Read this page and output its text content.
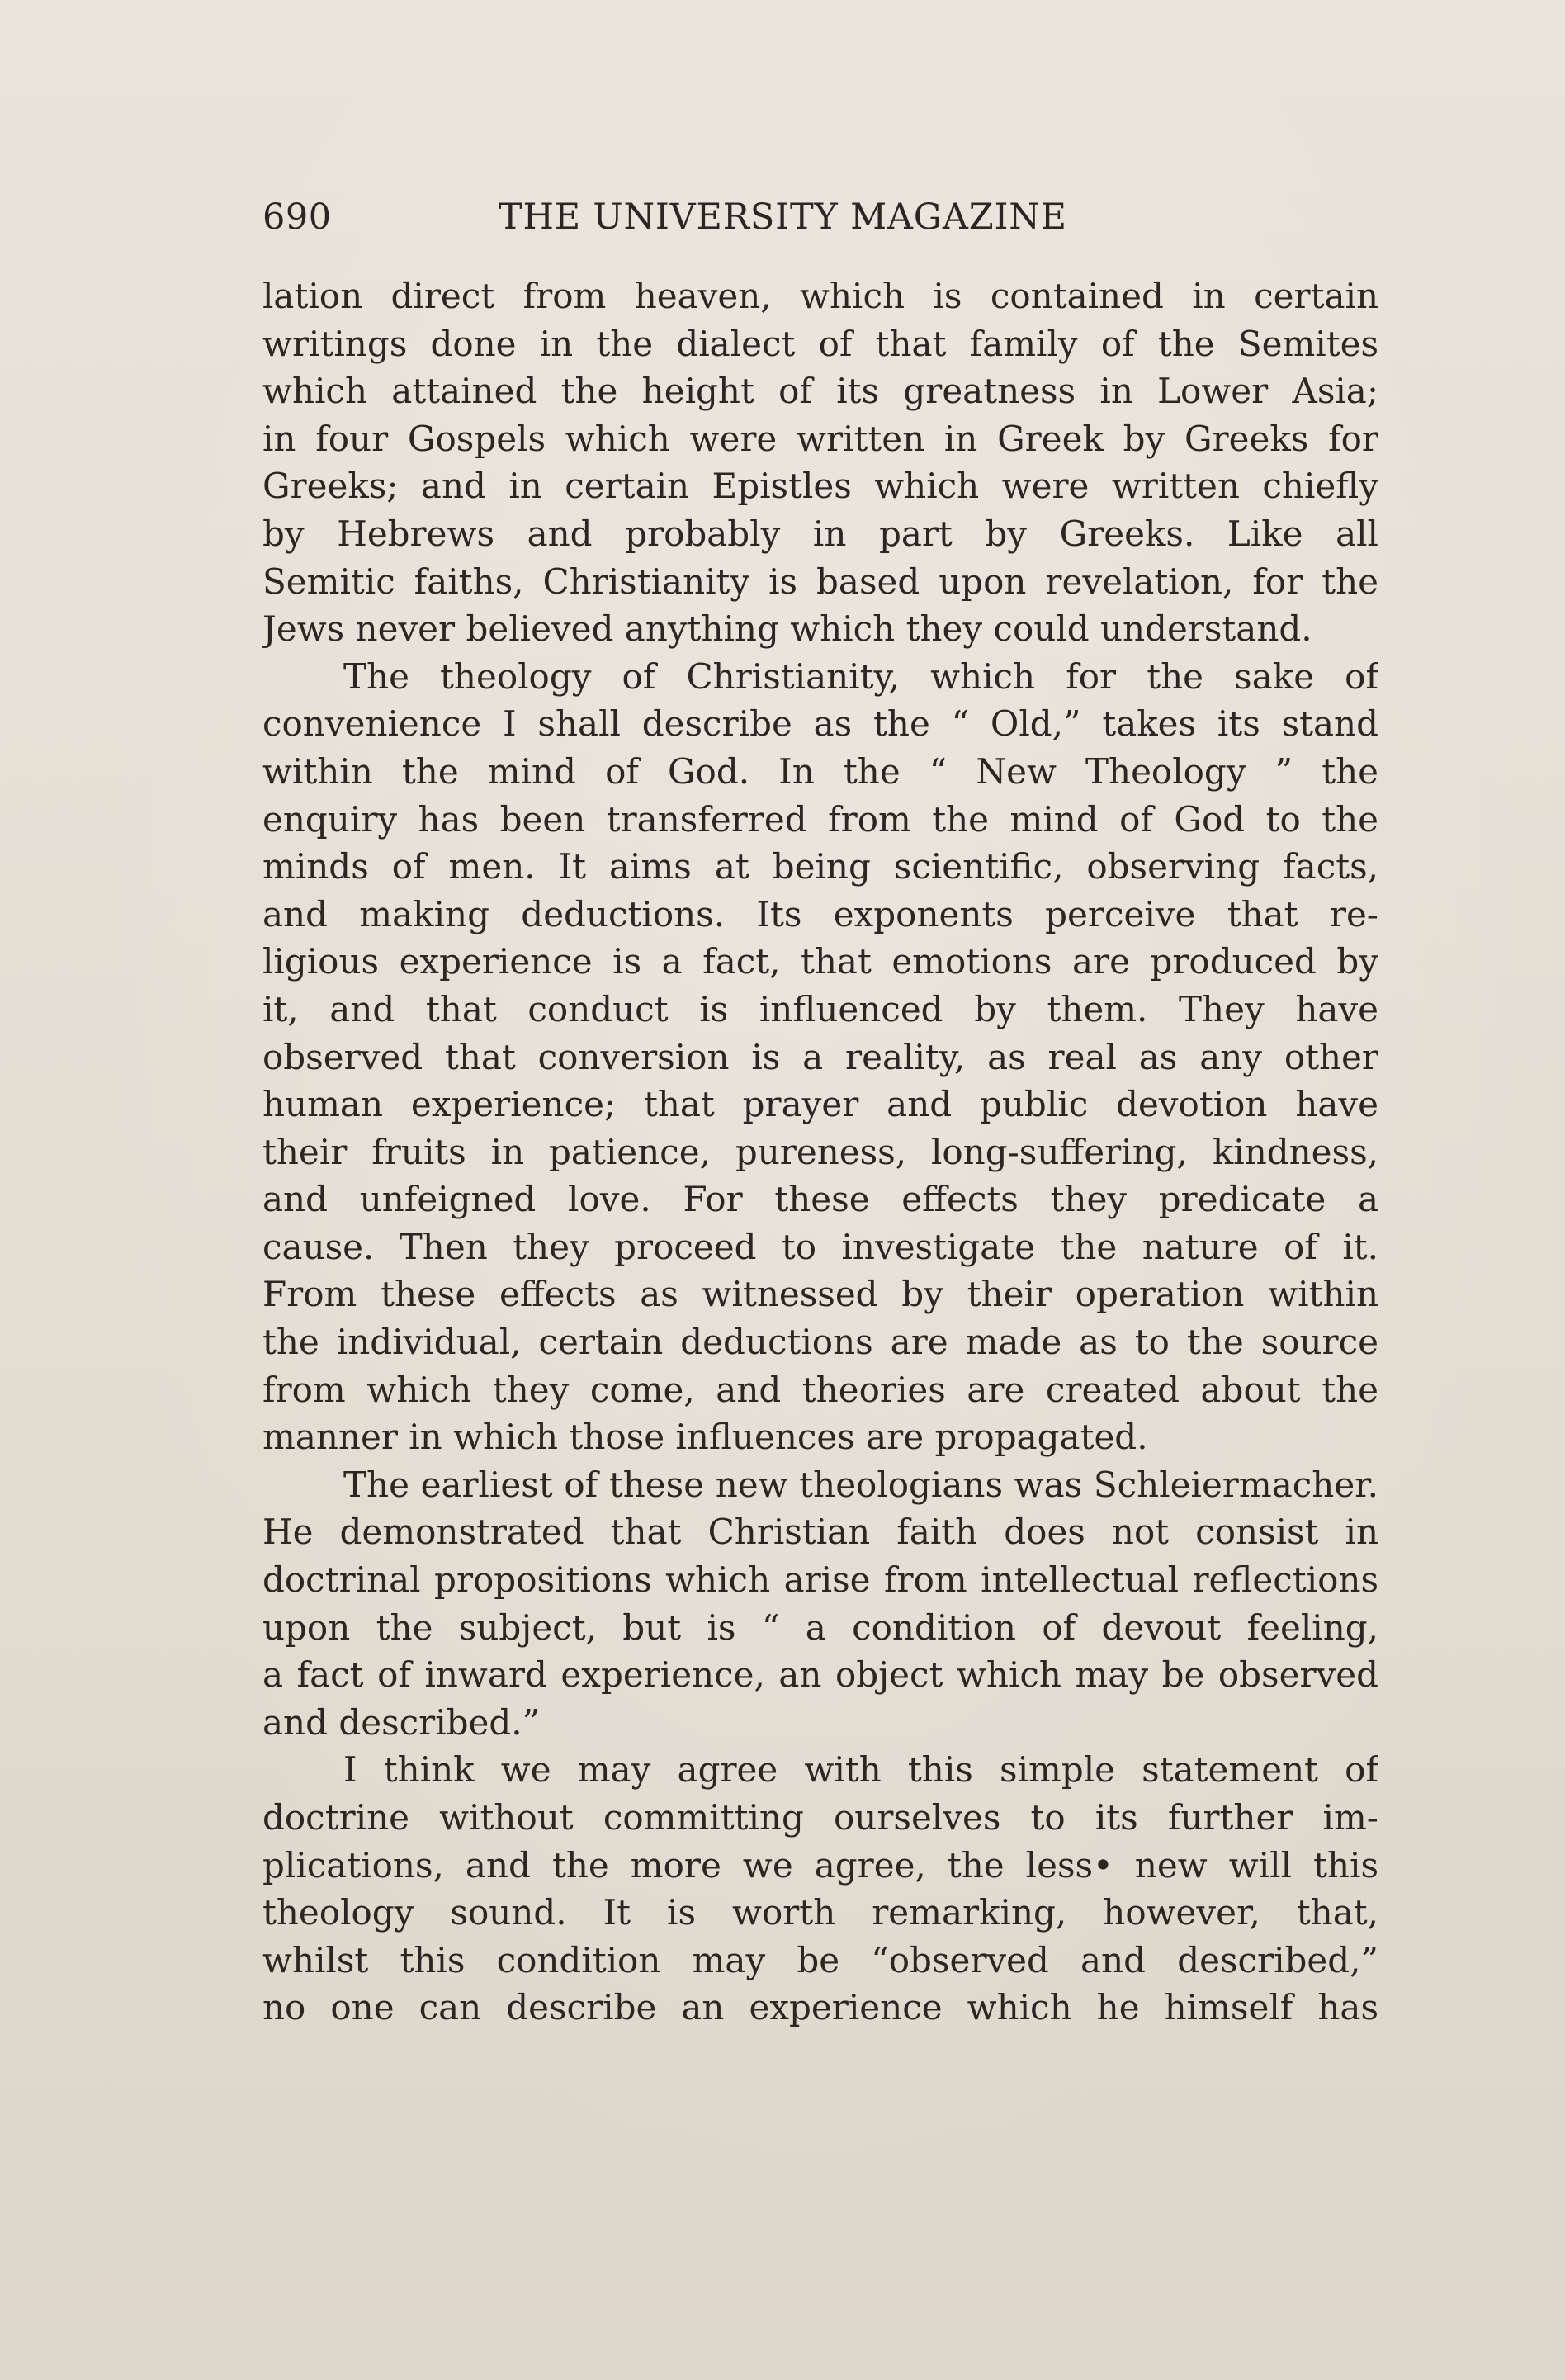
690	THE UNIVERSITY MAGAZINE
lation direct from heaven, which is contained in certain
writings done in the dialect of that family of the Semites
which attained the height of its greatness in Lower Asia;
in four Gospels which were written in Greek by Greeks for
Greeks; and in certain Epistles which were written chiefly
by Hebrews and probably in part by Greeks. Like all
Semitic faiths, Christianity is based upon revelation, for the
Jews never believed anything which they could understand.
The theology of Christianity, which for the sake of
convenience I shall describe as the “ Old,” takes its stand
within the mind of God. In the “ New Theology ” the
enquiry has been transferred from the mind of God to the
minds of men. It aims at being scientific, observing facts,
and making deductions. Its exponents perceive that re-
ligious experience is a fact, that emotions are produced by
it, and that conduct is influenced by them. They have
observed that conversion is a reality, as real as any other
human experience; that prayer and public devotion have
their fruits in patience, pureness, long-suffering, kindness,
and unfeigned love. For these effects they predicate a
cause. Then they proceed to investigate the nature of it.
From these effects as witnessed by their operation within
the individual, certain deductions are made as to the source
from which they come, and theories are created about the
manner in which those influences are propagated.
The earliest of these new theologians was Schleiermacher.
He demonstrated that Christian faith does not consist in
doctrinal propositions which arise from intellectual reflections
upon the subject, but is “ a condition of devout feeling,
a fact of inward experience, an object which may be observed
and described.”
I think we may agree with this simple statement of
doctrine without committing ourselves to its further im-
plications, and the more we agree, the less• new will this
theology sound. It is worth remarking, however, that,
whilst this condition may be “observed and described,”
no one can describe an experience which he himself has
